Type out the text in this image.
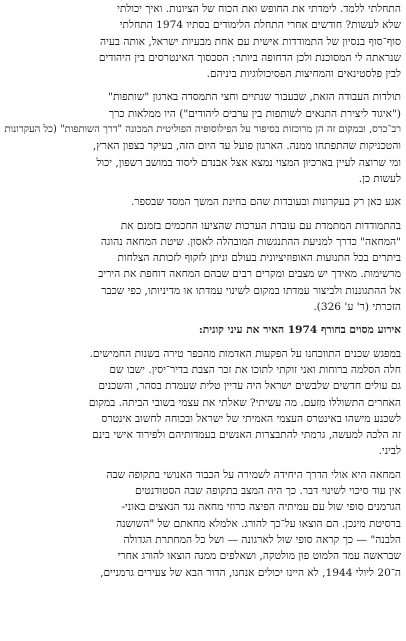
התחלתי ללמד. לימדתי את החופש ואת הכוח של הציונות. ואיך יכולתי
שלא לעשות? חודשים אחרי התחלת הלימודים בסתיו 1974 התחלתי
סוף־סוף בנסיון של התמודדות אישית עם אחת מבעיות ישראל, אותה בעיה
שנראתה לי המסוכנת ולכן הדחופה ביותר: הסכסוך האינטרסים בין היהודים
לבין פלסטינאים והמחיצות הפסיכולוגיות ביניהם.
תולדות העבודה הזאת, שבעבור שנתיים וחצי התמסדה בארגון "שותפות"
("איגוד ליצירת התנאים לשותפות בין ערבים ליהודים") היו ממלאות כרך
רב־כרס, ובמקום זה הן מרוכזות בסיפור על הפילוסופיה הפוליטית המכונה "דרך השותפות" (כל העקרונות
והטכניקות שהתפתחו ממנה. הארגון פועל עד היום הזה, בעיקר בצפון הארץ,
ומי שרוצה לעיין בארכיון המצוי נמצא אצל אבנדם ליסוד במושב רשפון, יכול
לעשות כן.
אגע כאן רק בעקרונות ובעובדות שהם בחינת המשך המסד שבספר.
בהתמודדות המתמדת עם עובדת הערכות שהציעו החכמים בזמנם את
"המחאה" כדרך למניעת ההתנגשות המובהלה לאסון. שיטת המחאה נהוגה
ביתרים בכל התנועות האופוזיציונית בעולם וניתן לזקוף לזכותה הצלחות
מרשימות. מאידך יש מצבים ומקרים רבים שבהם המחאה דוחפת את היריב
אל ההתגוננות ולביצור עמדתו במקום לשינוי עמדתו או מדיניותו, כפי שכבר
הזכרתי (ר' ע' 326).
אירוע מסוים בחורף 1974 האיר את עיני קונית:
במפגש שכנים התווכחנו על הפקעות האדמות מהכפר טירה בשנות החמישים.
חלה הסלמה ברוחות ואני זוקתי לתוכו את זכר הצבת בדיר־יסין. ישבו שם
גם עולים חדשים שלבשים ישראל היה עדיין טלית שעמדת בסהר, והשכנים
האחרים התשוללו מזעם. מה עשיתי? שאלתי את עצמי בשובי הביתה. במקום
לשכנע מישהו באינטרס העצמי האמיתי של ישראל ובכוחה לחשוב אינטרס
זה הלכה למעשה, גרמתי להתבצרות האנשים בעמדותיהם ולפירוד אישי בינם
לביני.
המחאה היא אולי הדרך היחידה לשמירה על הכבוד האנושי בתקופה שבה
אין עוד סיכוי לשינוי דבר. כך היה המצב בתקופה שבה הסטודנטים
הגרמנים סופי שול עם עמיתיה הפיצה כרוזי מחאה נגד הנאצים באוני-
ברסיטת מינכן. הם הוצאו על־כך להורג. אלמלא מחאתם של "השושנה
הלבנה" — כך קראה סופי שול לארגונה — ושל כל המחתרת הגדולה
שבראשה עמד הלמוט פון מולטקה, ושאלפים ממנה הוצאו להורג אחרי
ה־20 ליולי 1944, לא היינו יכולים אנחנו, הדור הבא של צעירים גרמניים,
